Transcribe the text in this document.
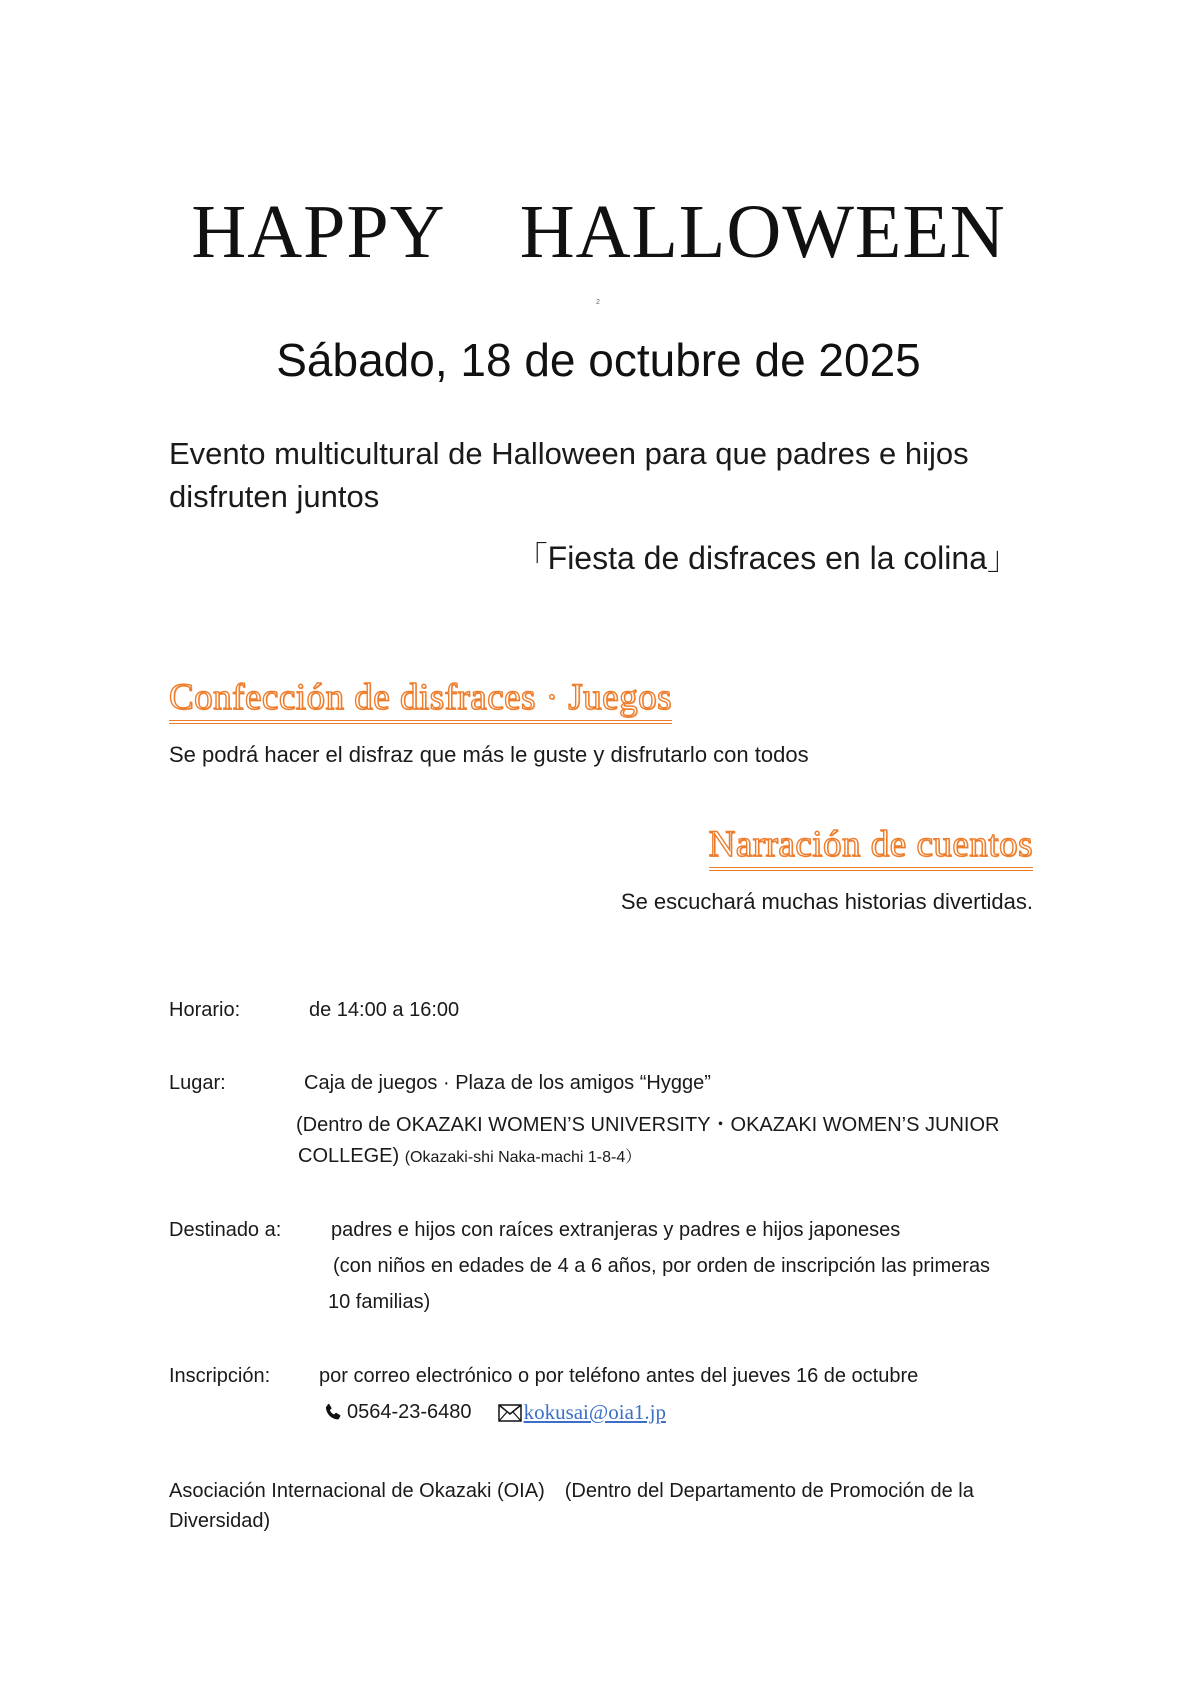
HAPPY　HALLOWEEN
2
Sábado, 18 de octubre de 2025
Evento multicultural de Halloween para que padres e hijos disfruten juntos
「Fiesta de disfraces en la colina」
Confección de disfraces · Juegos
Se podrá hacer el disfraz que más le guste y disfrutarlo con todos
Narración de cuentos
Se escuchará muchas historias divertidas.
Horario:	de 14:00 a 16:00
Lugar:	Caja de juegos · Plaza de los amigos “Hygge”
(Dentro de OKAZAKI WOMEN’S UNIVERSITY・OKAZAKI WOMEN’S JUNIOR
COLLEGE) (Okazaki-shi Naka-machi 1-8-4）
Destinado a: padres e hijos con raíces extranjeras y padres e hijos japoneses
(con niños en edades de 4 a 6 años, por orden de inscripción las primeras
10 familias)
Inscripción: por correo electrónico o por teléfono antes del jueves 16 de octubre
0564-23-6480 kokusai@oia1.jp
Asociación Internacional de Okazaki (OIA)　(Dentro del Departamento de Promoción de la
Diversidad)
